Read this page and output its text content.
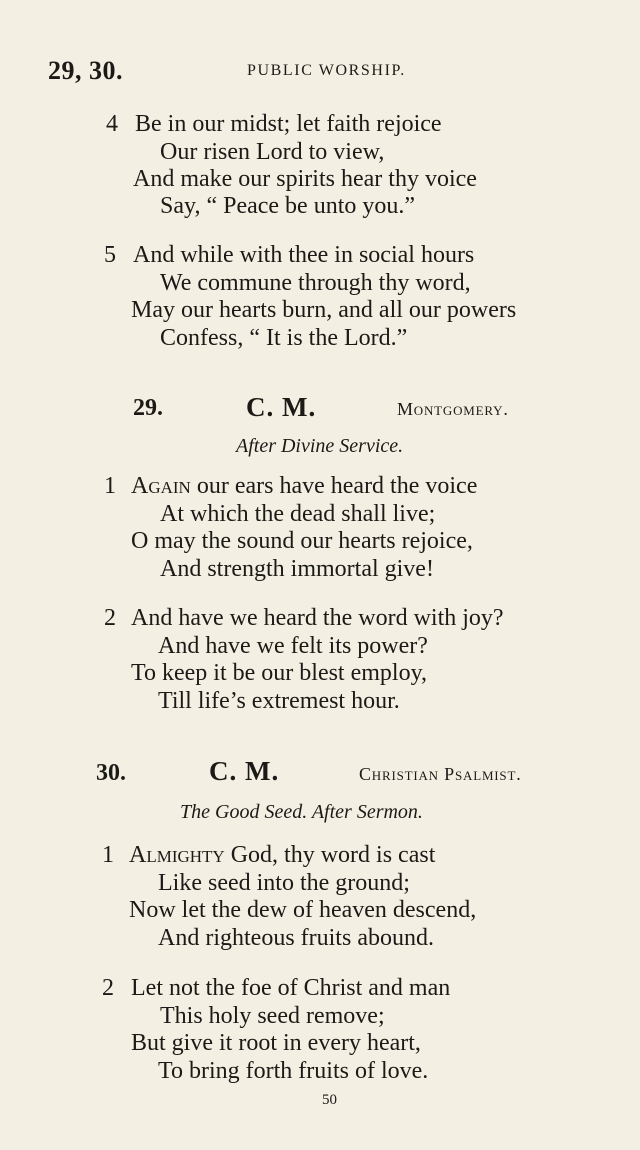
29, 30.	PUBLIC WORSHIP.
4 Be in our midst; let faith rejoice
Our risen Lord to view,
And make our spirits hear thy voice
Say, “ Peace be unto you.”
5 And while with thee in social hours
We commune through thy word,
May our hearts burn, and all our powers
Confess, “ It is the Lord.”
29.	C. M.	Montgomery.
After Divine Service.
1 Again our ears have heard the voice
At which the dead shall live;
O may the sound our hearts rejoice,
And strength immortal give!
2 And have we heard the word with joy?
And have we felt its power?
To keep it be our blest employ,
Till life’s extremest hour.
30.	C. M.	Christian Psalmist.
The Good Seed. After Sermon.
1 Almighty God, thy word is cast
Like seed into the ground;
Now let the dew of heaven descend,
And righteous fruits abound.
2 Let not the foe of Christ and man
This holy seed remove;
But give it root in every heart,
To bring forth fruits of love.
50
